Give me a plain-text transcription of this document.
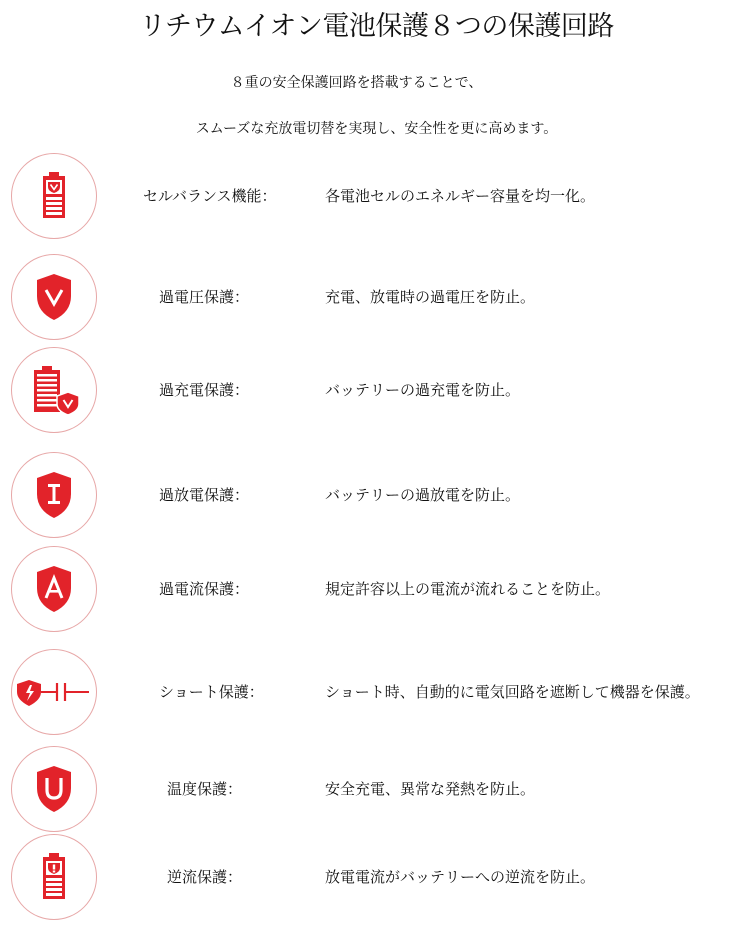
リチウムイオン電池保護８つの保護回路
８重の安全保護回路を搭載することで、
スムーズな充放電切替を実現し、安全性を更に高めます。
セルバランス機能：	各電池セルのエネルギー容量を均一化。
過電圧保護：	充電、放電時の過電圧を防止。
過充電保護：	バッテリーの過充電を防止。
過放電保護：	バッテリーの過放電を防止。
過電流保護：	規定許容以上の電流が流れることを防止。
ショート保護：	ショート時、自動的に電気回路を遮断して機器を保護。
温度保護：	安全充電、異常な発熱を防止。
逆流保護：	放電電流がバッテリーへの逆流を防止。
